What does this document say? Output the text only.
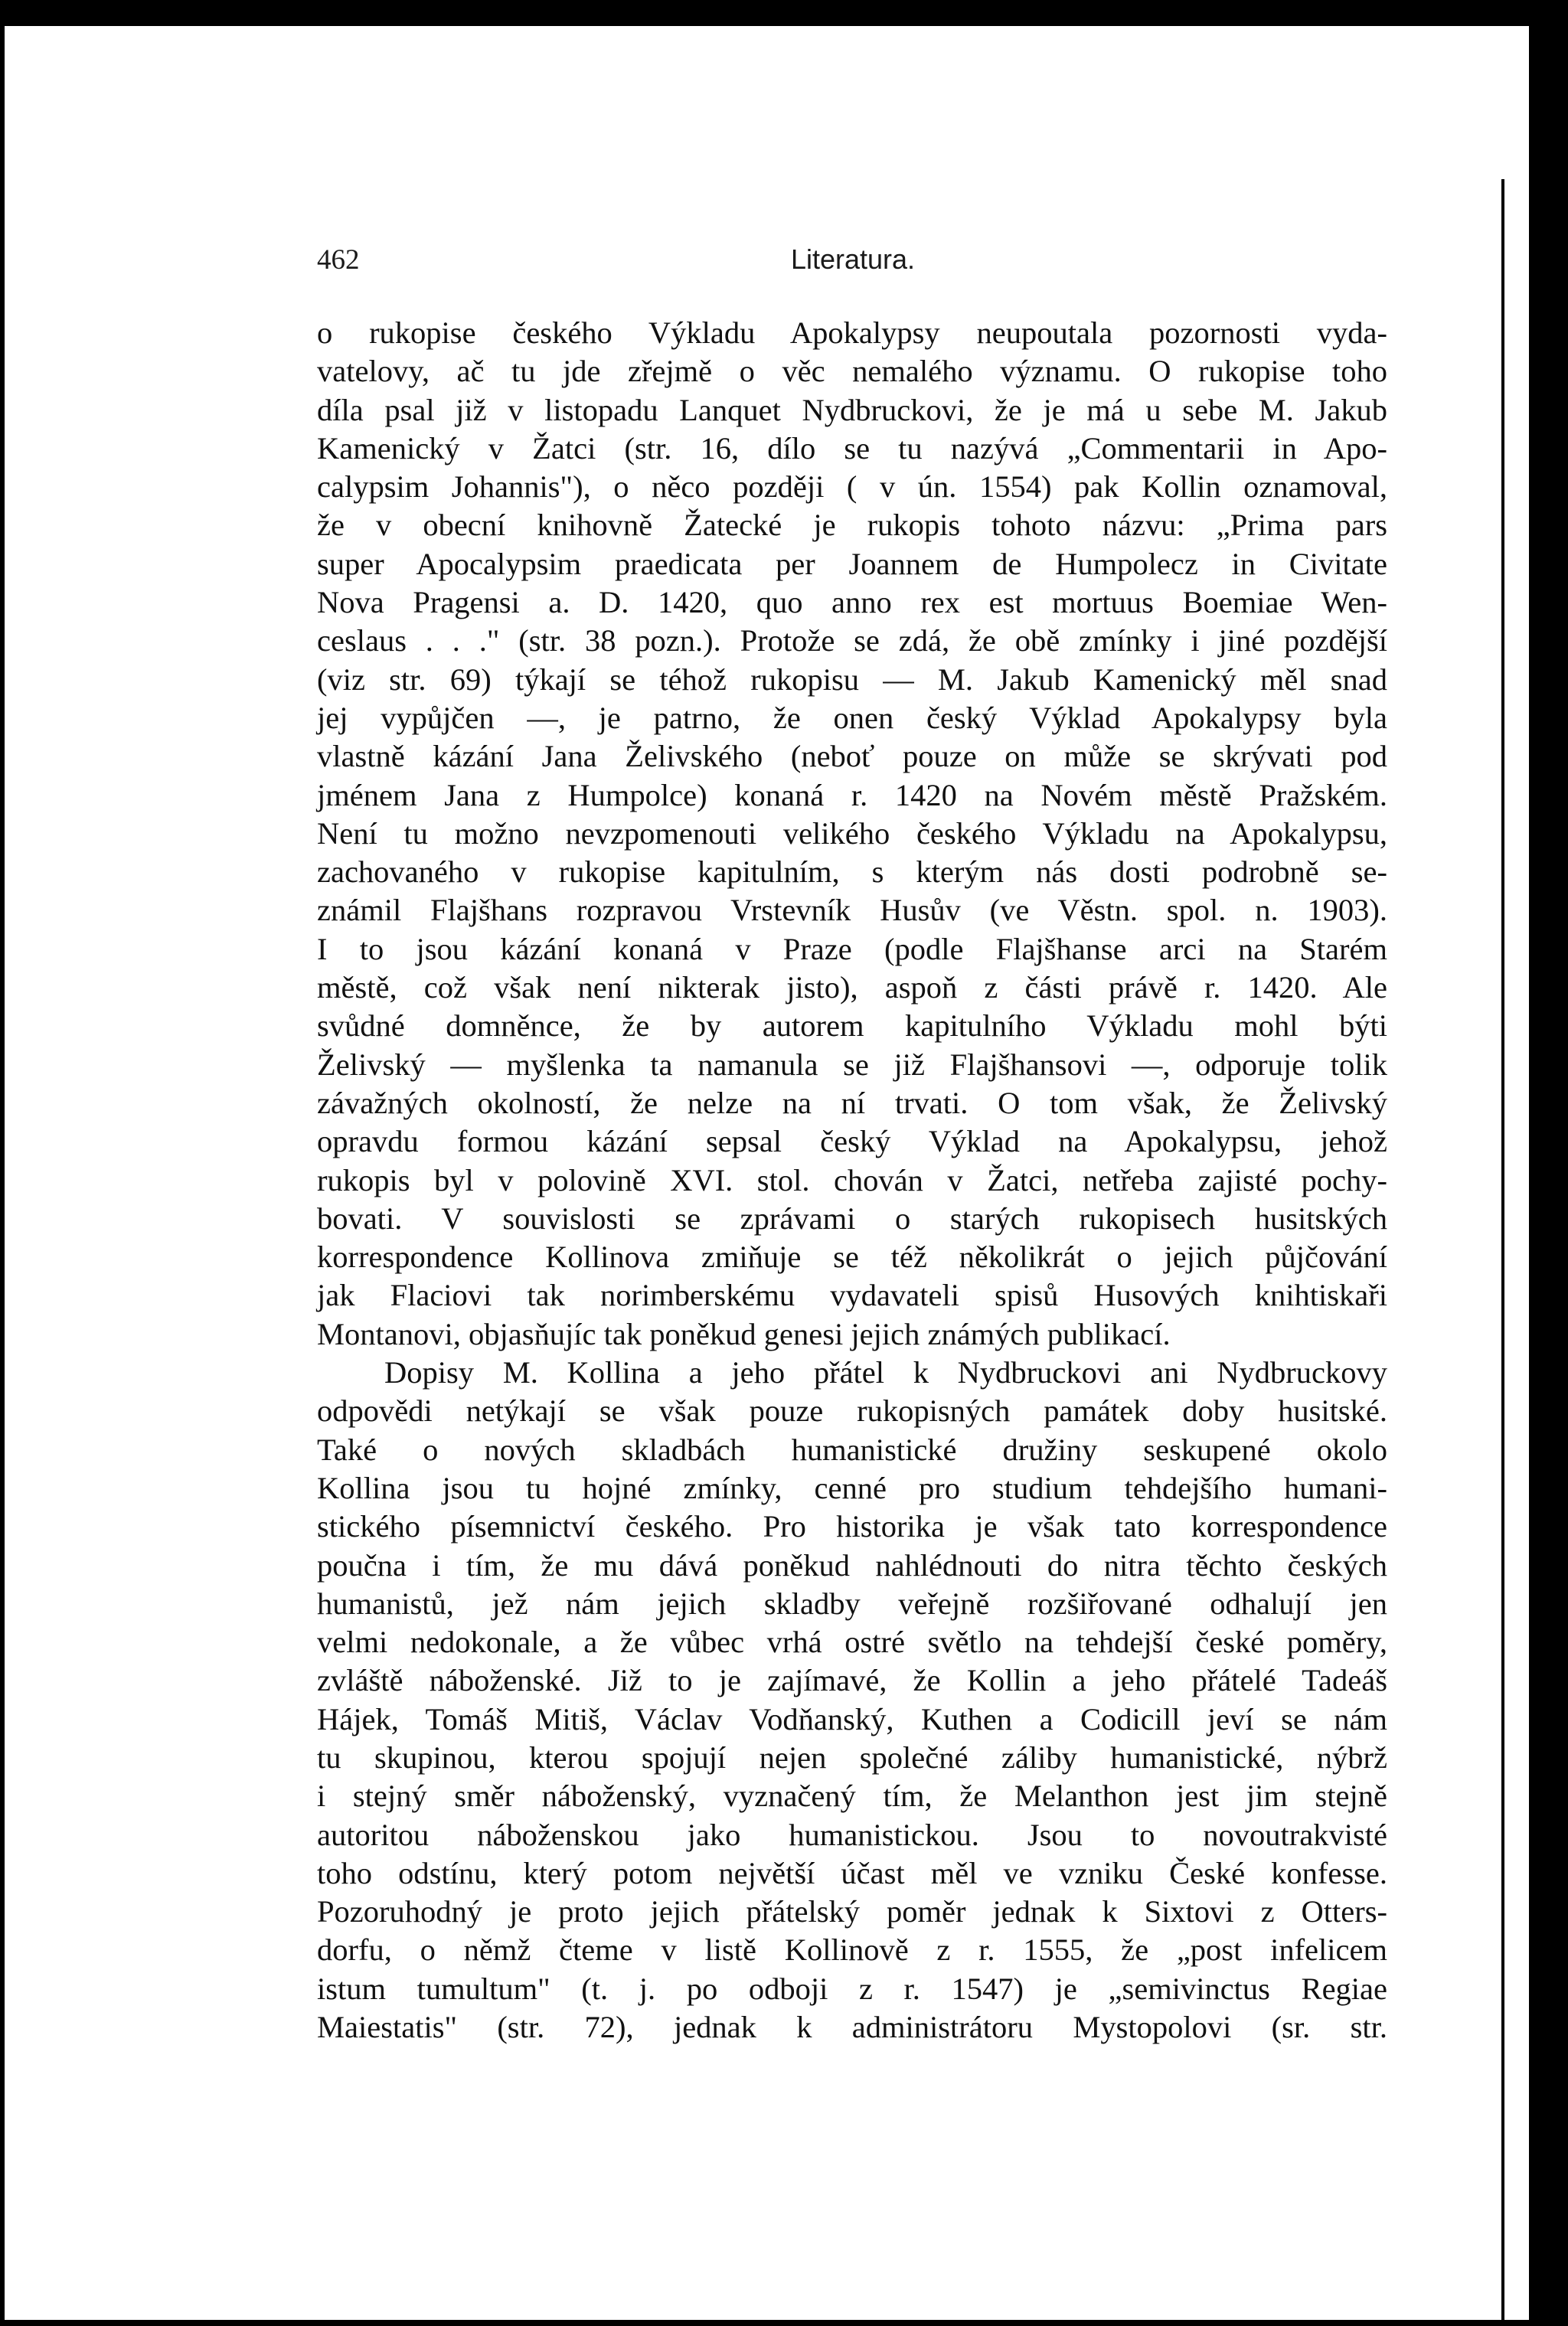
462	Literatura.
o rukopise českého Výkladu Apokalypsy neupoutala pozornosti vyda-
vatelovy, ač tu jde zřejmě o věc nemalého významu. O rukopise toho
díla psal již v listopadu Lanquet Nydbruckovi, že je má u sebe M. Jakub
Kamenický v Žatci (str. 16, dílo se tu nazývá „Commentarii in Apo-
calypsim Johannis"), o něco později ( v ún. 1554) pak Kollin oznamoval,
že v obecní knihovně Žatecké je rukopis tohoto názvu: „Prima pars
super Apocalypsim praedicata per Joannem de Humpolecz in Civitate
Nova Pragensi a. D. 1420, quo anno rex est mortuus Boemiae Wen-
ceslaus . . ." (str. 38 pozn.). Protože se zdá, že obě zmínky i jiné pozdější
(viz str. 69) týkají se téhož rukopisu — M. Jakub Kamenický měl snad
jej vypůjčen —, je patrno, že onen český Výklad Apokalypsy byla
vlastně kázání Jana Želivského (neboť pouze on může se skrývati pod
jménem Jana z Humpolce) konaná r. 1420 na Novém městě Pražském.
Není tu možno nevzpomenouti velikého českého Výkladu na Apokalypsu,
zachovaného v rukopise kapitulním, s kterým nás dosti podrobně se-
známil Flajšhans rozpravou Vrstevník Husův (ve Věstn. spol. n. 1903).
I to jsou kázání konaná v Praze (podle Flajšhanse arci na Starém
městě, což však není nikterak jisto), aspoň z části právě r. 1420. Ale
svůdné domněnce, že by autorem kapitulního Výkladu mohl býti
Želivský — myšlenka ta namanula se již Flajšhansovi —, odporuje tolik
závažných okolností, že nelze na ní trvati. O tom však, že Želivský
opravdu formou kázání sepsal český Výklad na Apokalypsu, jehož
rukopis byl v polovině XVI. stol. chován v Žatci, netřeba zajisté pochy-
bovati. V souvislosti se zprávami o starých rukopisech husitských
korrespondence Kollinova zmiňuje se též několikrát o jejich půjčování
jak Flaciovi tak norimberskému vydavateli spisů Husových knihtiskaři
Montanovi, objasňujíc tak poněkud genesi jejich známých publikací.
Dopisy M. Kollina a jeho přátel k Nydbruckovi ani Nydbruckovy
odpovědi netýkají se však pouze rukopisných památek doby husitské.
Také o nových skladbách humanistické družiny seskupené okolo
Kollina jsou tu hojné zmínky, cenné pro studium tehdejšího humani-
stického písemnictví českého. Pro historika je však tato korrespondence
poučna i tím, že mu dává poněkud nahlédnouti do nitra těchto českých
humanistů, jež nám jejich skladby veřejně rozšiřované odhalují jen
velmi nedokonale, a že vůbec vrhá ostré světlo na tehdejší české poměry,
zvláště náboženské. Již to je zajímavé, že Kollin a jeho přátelé Tadeáš
Hájek, Tomáš Mitiš, Václav Vodňanský, Kuthen a Codicill jeví se nám
tu skupinou, kterou spojují nejen společné záliby humanistické, nýbrž
i stejný směr náboženský, vyznačený tím, že Melanthon jest jim stejně
autoritou náboženskou jako humanistickou. Jsou to novoutrakvisté
toho odstínu, který potom největší účast měl ve vzniku České konfesse.
Pozoruhodný je proto jejich přátelský poměr jednak k Sixtovi z Otters-
dorfu, o němž čteme v listě Kollinově z r. 1555, že „post infelicem
istum tumultum" (t. j. po odboji z r. 1547) je „semivinctus Regiae
Maiestatis" (str. 72), jednak k administrátoru Mystopolovi (sr. str.
